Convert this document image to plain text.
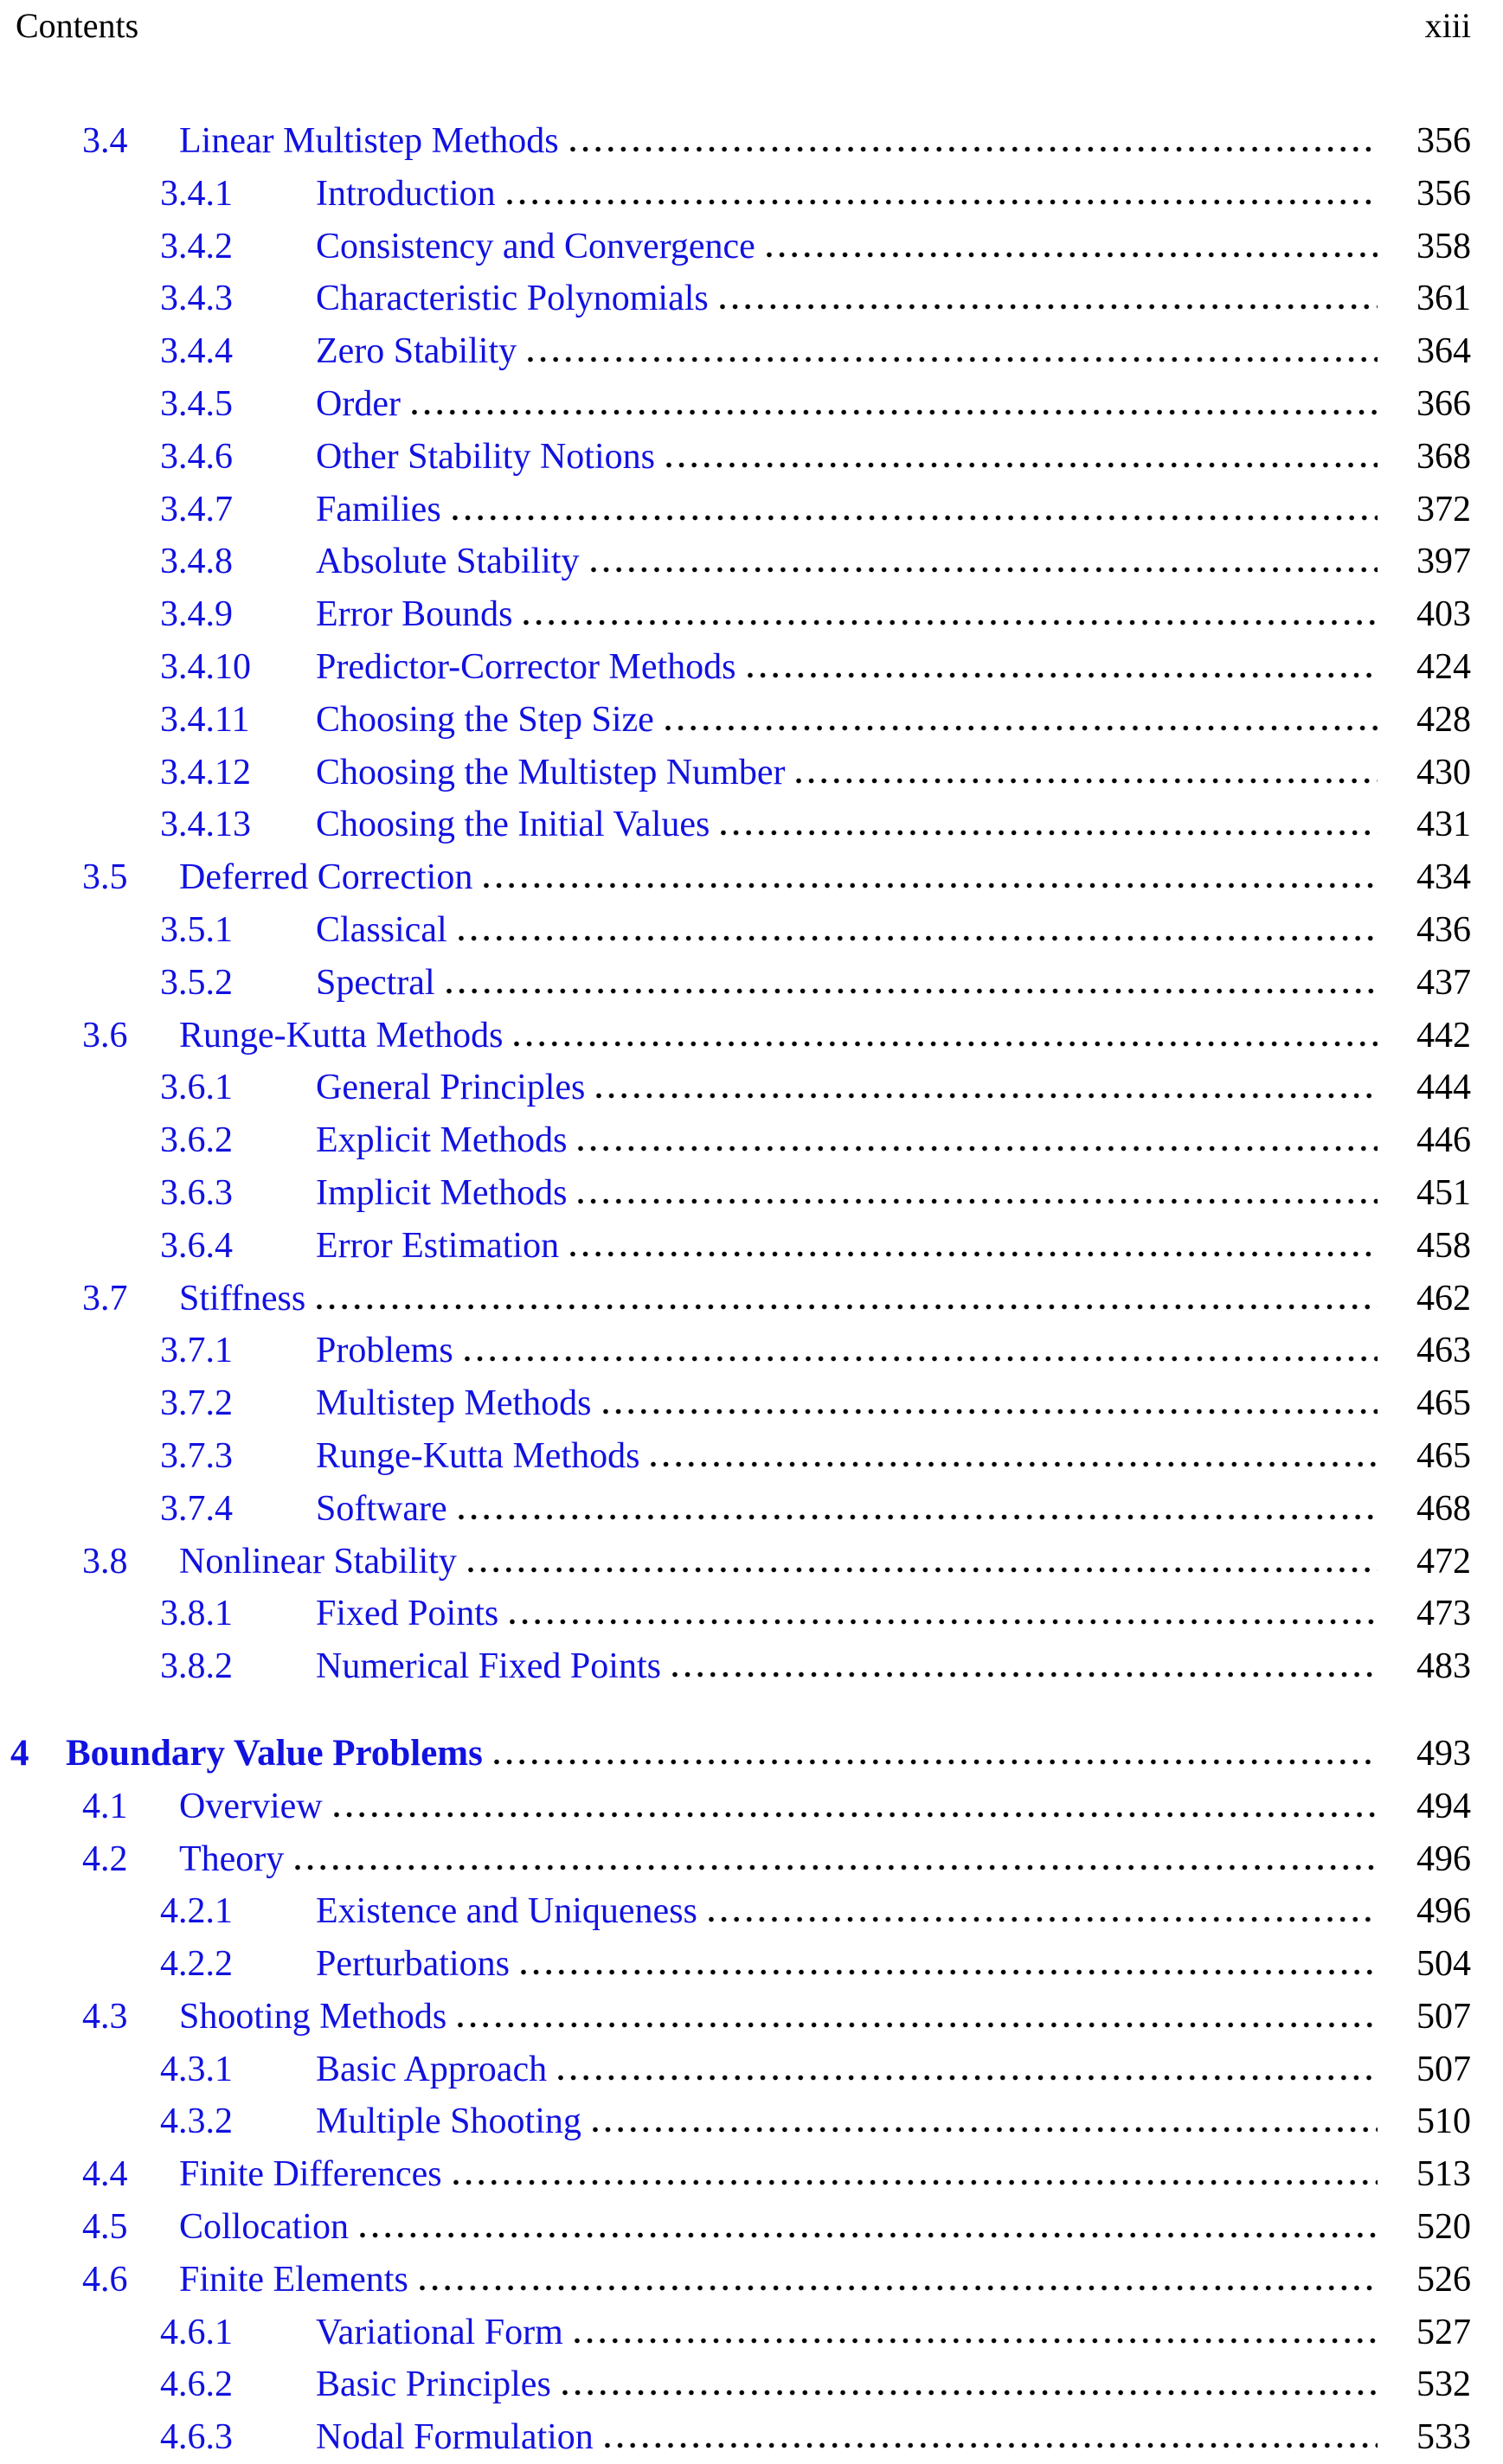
Contents	xiii
3.4	Linear Multistep Methods	356
3.4.1	Introduction	356
3.4.2	Consistency and Convergence	358
3.4.3	Characteristic Polynomials	361
3.4.4	Zero Stability	364
3.4.5	Order	366
3.4.6	Other Stability Notions	368
3.4.7	Families	372
3.4.8	Absolute Stability	397
3.4.9	Error Bounds	403
3.4.10	Predictor-Corrector Methods	424
3.4.11	Choosing the Step Size	428
3.4.12	Choosing the Multistep Number	430
3.4.13	Choosing the Initial Values	431
3.5	Deferred Correction	434
3.5.1	Classical	436
3.5.2	Spectral	437
3.6	Runge-Kutta Methods	442
3.6.1	General Principles	444
3.6.2	Explicit Methods	446
3.6.3	Implicit Methods	451
3.6.4	Error Estimation	458
3.7	Stiffness	462
3.7.1	Problems	463
3.7.2	Multistep Methods	465
3.7.3	Runge-Kutta Methods	465
3.7.4	Software	468
3.8	Nonlinear Stability	472
3.8.1	Fixed Points	473
3.8.2	Numerical Fixed Points	483
4 Boundary Value Problems	493
4.1	Overview	494
4.2	Theory	496
4.2.1	Existence and Uniqueness	496
4.2.2	Perturbations	504
4.3	Shooting Methods	507
4.3.1	Basic Approach	507
4.3.2	Multiple Shooting	510
4.4	Finite Differences	513
4.5	Collocation	520
4.6	Finite Elements	526
4.6.1	Variational Form	527
4.6.2	Basic Principles	532
4.6.3	Nodal Formulation	533
